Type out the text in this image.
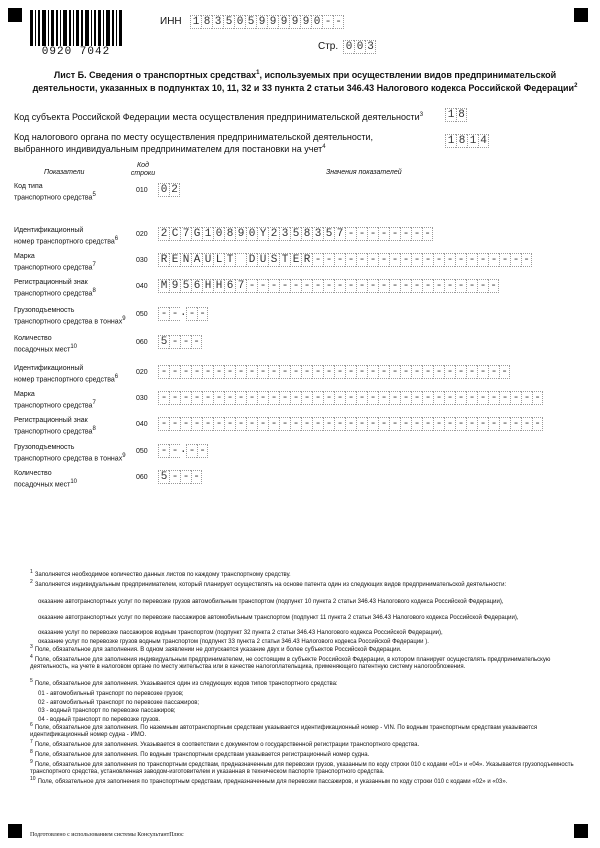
0920 7042
ИНН 1 8 3 5 0 5 9 9 9 9 9 0 - -
Стр. 0 0 3
Лист Б. Сведения о транспортных средствах$^1$, используемых при осуществлении видов предпринимательской
деятельности, указанных в подпунктах 10, 11, 32 и 33 пункта 2 статьи 346.43 Налогового кодекса Российской Федерации$^2$
Код субъекта Российской Федерации места осуществления предпринимательской деятельности$^3$ 1 8
Код налогового органа по месту осуществления предпринимательской деятельности,
выбранного индивидуальным предпринимателем для постановки на учет$^4$	1 8 1 4
Показатели
Код строки	Значения показателей
Код типа
транспортного средства$^5$
010 0 2
Идентификационный
номер транспортного средства$^6$
020 2 C 7 G 1 0 8 9 0 Y 2 3 5 8 3 5 7 - - - - - - - -
Марка
транспортного средства$^7$
030 R E N A U L T
D U S T E R - - - - - - - - - - - - - - - - - - - -
Регистрационный знак
транспортного средства$^8$
040 M 9 5 6 H H 6 7 - - - - - - - - - - - - - - - - - - - - - - -
Грузоподъемность
транспортного средства в тоннах$^9$
050 - - . - -
Количество
посадочных мест$^{10}$
060 5 - - -
Идентификационный
номер транспортного средства$^6$
020 - - - - - - - - - - - - - - - - - - - - - - - - - - - - - - - -
Марка
транспортного средства$^7$
030 - - - - - - - - - - - - - - - - - - - - - - - - - - - - - - - - - - -
Регистрационный знак
транспортного средства$^8$
040 - - - - - - - - - - - - - - - - - - - - - - - - - - - - - - - - - - -
Грузоподъемность
транспортного средства в тоннах$^9$
050 - - . - -
Количество
посадочных мест$^{10}$
060 5 - - -
$^1$ Заполняется необходимое количество данных листов по каждому транспортному средству.
$^2$ Заполняется индивидуальным предпринимателем, который планирует осуществлять на основе патента один из следующих видов предпринимательской деятельности:
оказание автотранспортных услуг по перевозке грузов автомобильным транспортом (подпункт 10 пункта 2 статьи 346.43 Налогового кодекса Российской Федерации),
оказание автотранспортных услуг по перевозке пассажиров автомобильным транспортом (подпункт 11 пункта 2 статьи 346.43 Налогового кодекса Российской Федерации),
оказание услуг по перевозке пассажиров водным транспортом (подпункт 32 пункта 2 статьи 346.43 Налогового кодекса Российской Федерации),
оказание услуг по перевозке грузов водным транспортом (подпункт 33 пункта 2 статьи 346.43 Налогового кодекса Российской Федерации ).
$^3$ Поле, обязательное для заполнения. В одном заявлении не допускается указание двух и более субъектов Российской Федерации.
$^4$ Поле, обязательное для заполнения индивидуальным предпринимателем, не состоящим в субъекте Российской Федерации, в котором планирует осуществлять предпринимательскую деятельность, на учете в налоговом органе по месту жительства или в качестве налогоплательщика, применяющего патентную систему налогообложения.
$^5$ Поле, обязательное для заполнения. Указывается один из следующих кодов типов транспортного средства:
01 - автомобильный транспорт по перевозке грузов;
02 - автомобильный транспорт по перевозке пассажиров;
03 - водный транспорт по перевозке пассажиров;
04 - водный транспорт по перевозке грузов.
$^6$ Поле, обязательное для заполнения. По наземным автотранспортным средствам указывается идентификационный номер - VIN. По водным транспортным средствам указывается идентификационный номер судна - ИМО.
$^7$ Поле, обязательное для заполнения. Указывается в соответствии с документом о государственной регистрации транспортного средства.
$^8$ Поле, обязательное для заполнения. По водным транспортным средствам указывается регистрационный номер судна.
$^9$ Поле, обязательное для заполнения по транспортным средствам, предназначенным для перевозки грузов, указанным по коду строки 010 с кодами «01» и «04». Указывается грузоподъемность транспортного средства, установленная заводом-изготовителем и указанная в техническом паспорте транспортного средства.
$^{10}$ Поле, обязательное для заполнения по транспортным средствам, предназначенным для перевозки пассажиров, и указанным по коду строки 010 с кодами «02» и «03».
Подготовлено с использованием системы КонсультантПлюс
